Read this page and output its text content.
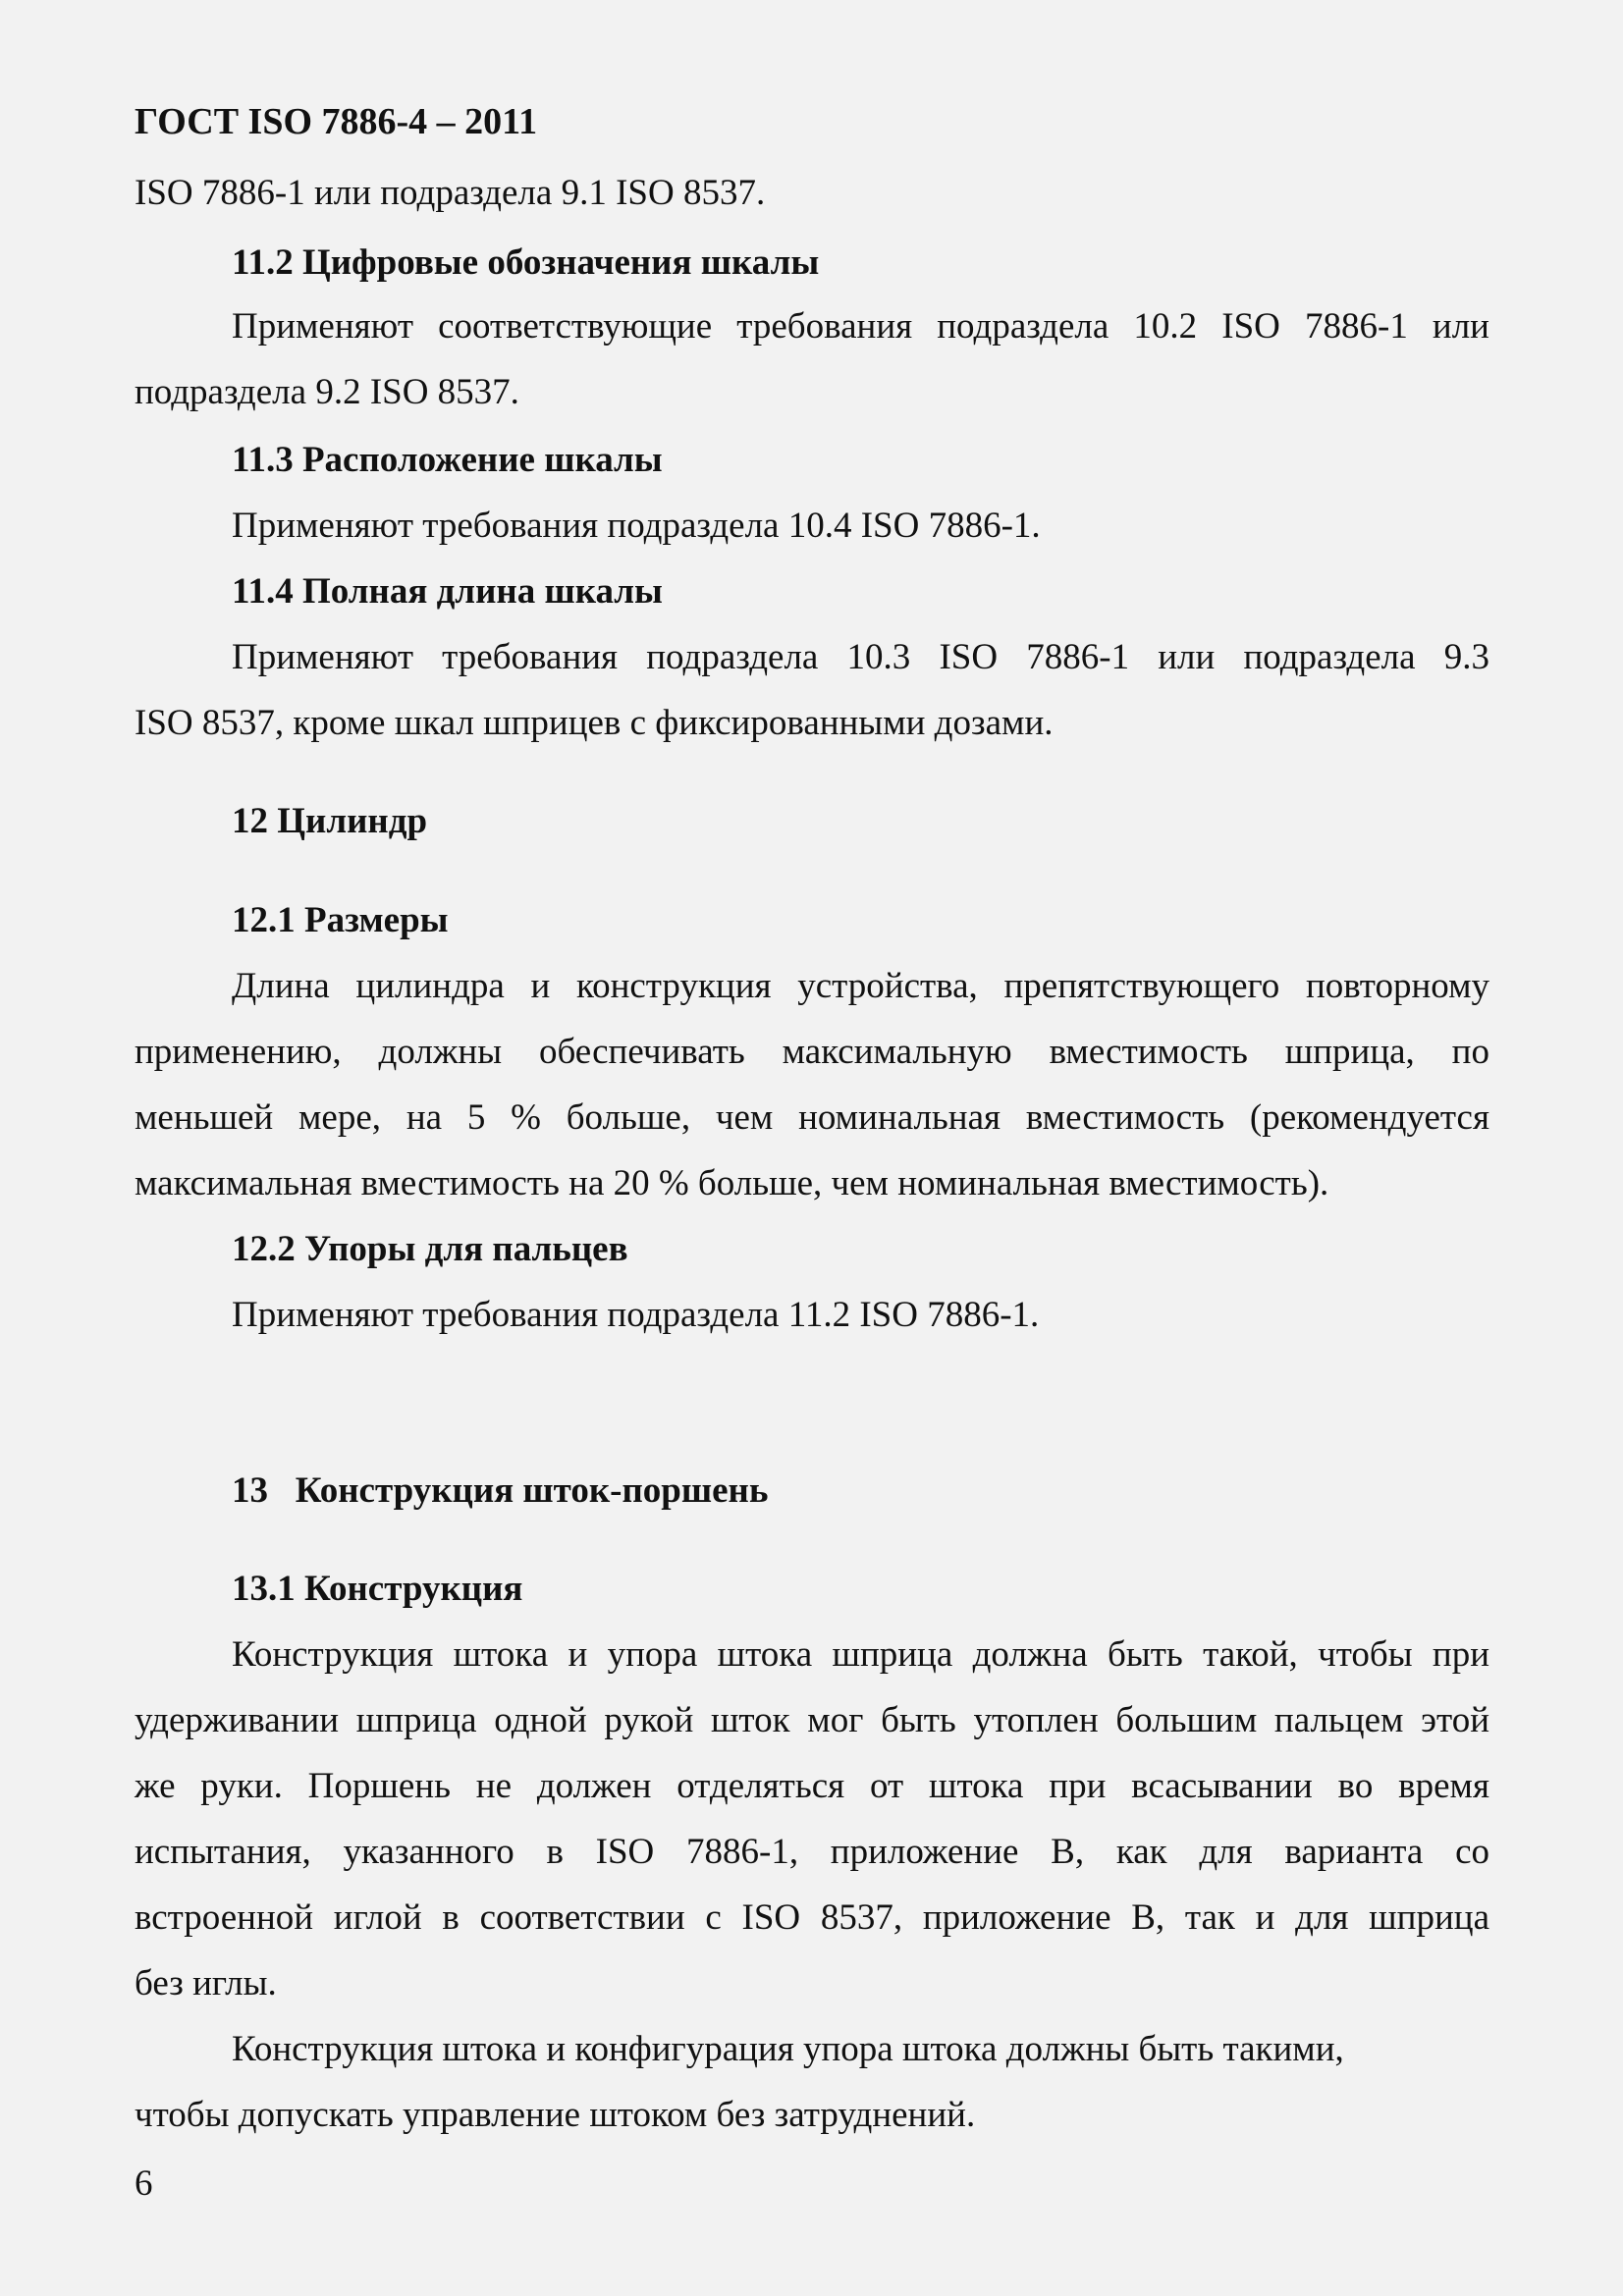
ГОСТ ISO 7886-4 – 2011
ISO 7886-1 или подраздела 9.1 ISO 8537.
11.2 Цифровые обозначения шкалы
Применяют соответствующие требования подраздела 10.2 ISO 7886-1 или
подраздела 9.2 ISO 8537.
11.3 Расположение шкалы
Применяют требования подраздела 10.4 ISO 7886-1.
11.4 Полная длина шкалы
Применяют требования подраздела 10.3 ISO 7886-1 или подраздела 9.3
ISO 8537, кроме шкал шприцев с фиксированными дозами.
12 Цилиндр
12.1 Размеры
Длина цилиндра и конструкция устройства, препятствующего повторному
применению, должны обеспечивать максимальную вместимость шприца, по
меньшей мере, на 5 % больше, чем номинальная вместимость (рекомендуется
максимальная вместимость на 20 % больше, чем номинальная вместимость).
12.2 Упоры для пальцев
Применяют требования подраздела 11.2 ISO 7886-1.
13   Конструкция шток-поршень
13.1 Конструкция
Конструкция штока и упора штока шприца должна быть такой, чтобы при
удерживании шприца одной рукой шток мог быть утоплен большим пальцем этой
же руки. Поршень не должен отделяться от штока при всасывании во время
испытания, указанного в ISO 7886-1, приложение В, как для варианта со
встроенной иглой в соответствии с ISO 8537, приложение В, так и для шприца
без иглы.
Конструкция штока и конфигурация упора штока должны быть такими,
чтобы допускать управление штоком без затруднений.
6
